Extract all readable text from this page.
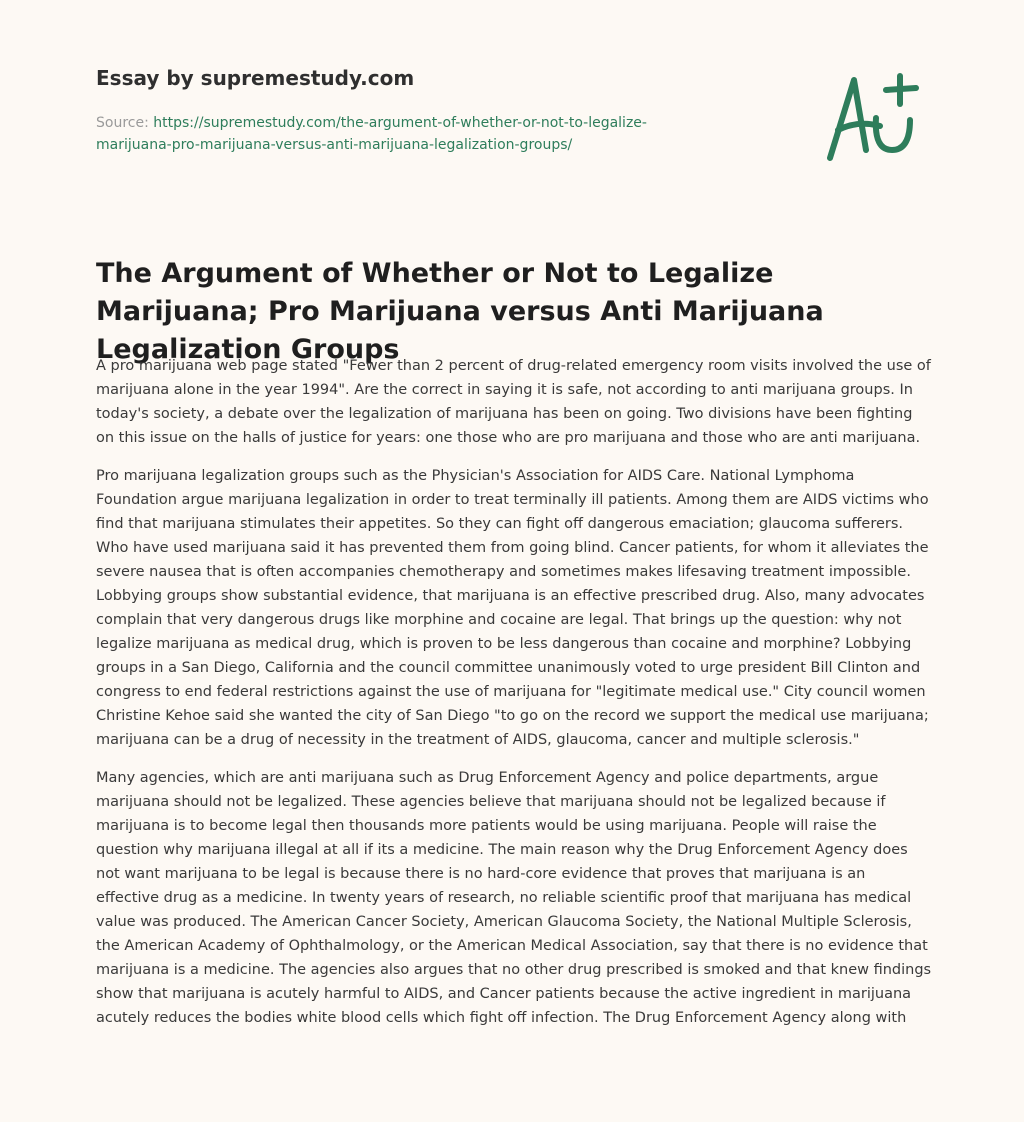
Essay by supremestudy.com
Source: https://supremestudy.com/the-argument-of-whether-or-not-to-legalize-
marijuana-pro-marijuana-versus-anti-marijuana-legalization-groups/
The Argument of Whether or Not to Legalize Marijuana; Pro Marijuana versus Anti Marijuana Legalization Groups

A pro marijuana web page stated "Fewer than 2 percent of drug-related emergency room visits involved the use of marijuana alone in the year 1994". Are the correct in saying it is safe, not according to anti marijuana groups. In today's society, a debate over the legalization of marijuana has been on going. Two divisions have been fighting on this issue on the halls of justice for years: one those who are pro marijuana and those who are anti marijuana.

Pro marijuana legalization groups such as the Physician's Association for AIDS Care. National Lymphoma Foundation argue marijuana legalization in order to treat terminally ill patients. Among them are AIDS victims who find that marijuana stimulates their appetites. So they can fight off dangerous emaciation; glaucoma sufferers. Who have used marijuana said it has prevented them from going blind. Cancer patients, for whom it alleviates the severe nausea that is often accompanies chemotherapy and sometimes makes lifesaving treatment impossible. Lobbying groups show substantial evidence, that marijuana is an effective prescribed drug. Also, many advocates complain that very dangerous drugs like morphine and cocaine are legal. That brings up the question: why not legalize marijuana as medical drug, which is proven to be less dangerous than cocaine and morphine? Lobbying groups in a San Diego, California and the council committee unanimously voted to urge president Bill Clinton and congress to end federal restrictions against the use of marijuana for "legitimate medical use." City council women Christine Kehoe said she wanted the city of San Diego "to go on the record we support the medical use marijuana; marijuana can be a drug of necessity in the treatment of AIDS, glaucoma, cancer and multiple sclerosis."

Many agencies, which are anti marijuana such as Drug Enforcement Agency and police departments, argue marijuana should not be legalized. These agencies believe that marijuana should not be legalized because if marijuana is to become legal then thousands more patients would be using marijuana. People will raise the question why marijuana illegal at all if its a medicine. The main reason why the Drug Enforcement Agency does not want marijuana to be legal is because there is no hard-core evidence that proves that marijuana is an effective drug as a medicine. In twenty years of research, no reliable scientific proof that marijuana has medical value was produced. The American Cancer Society, American Glaucoma Society, the National Multiple Sclerosis, the American Academy of Ophthalmology, or the American Medical Association, say that there is no evidence that marijuana is a medicine. The agencies also argues that no other drug prescribed is smoked and that knew findings show that marijuana is acutely harmful to AIDS, and Cancer patients because the active ingredient in marijuana acutely reduces the bodies white blood cells which fight off infection. The Drug Enforcement Agency along with
